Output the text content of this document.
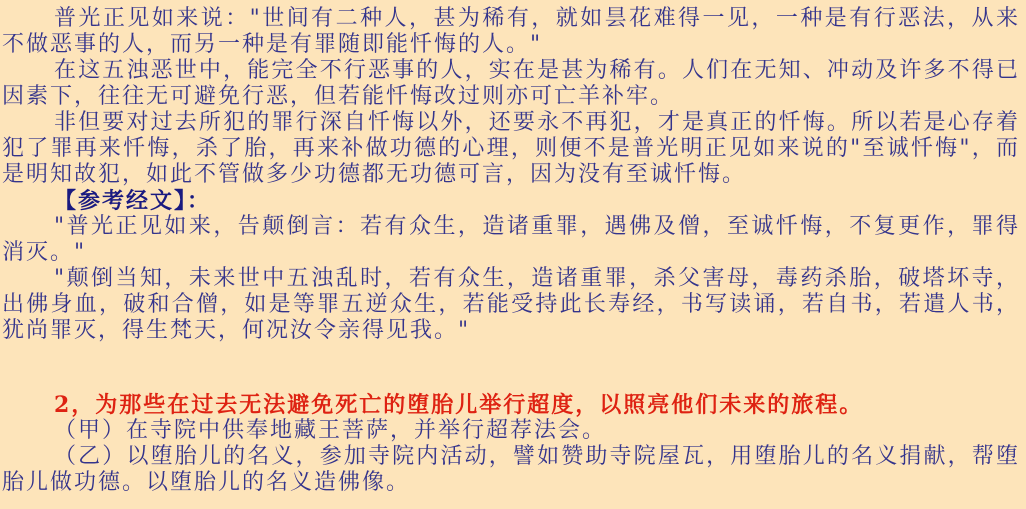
普光正见如来说："世间有二种人，甚为稀有，就如昙花难得一见，一种是有行恶法，从来不做恶事的人，而另一种是有罪随即能忏悔的人。"

在这五浊恶世中，能完全不行恶事的人，实在是甚为稀有。人们在无知、冲动及许多不得已因素下，往往无可避免行恶，但若能忏悔改过则亦可亡羊补牢。

非但要对过去所犯的罪行深自忏悔以外，还要永不再犯，才是真正的忏悔。所以若是心存着犯了罪再来忏悔，杀了胎，再来补做功德的心理，则便不是普光明正见如来说的"至诚忏悔"，而是明知故犯，如此不管做多少功德都无功德可言，因为没有至诚忏悔。

【参考经文】：

"普光正见如来，告颠倒言：若有众生，造诸重罪，遇佛及僧，至诚忏悔，不复更作，罪得消灭。"

"颠倒当知，未来世中五浊乱时，若有众生，造诸重罪，杀父害母，毒药杀胎，破塔坏寺，出佛身血，破和合僧，如是等罪五逆众生，若能受持此长寿经，书写读诵，若自书，若遣人书，犹尚罪灭，得生梵天，何况汝令亲得见我。"

2，为那些在过去无法避免死亡的堕胎儿举行超度，以照亮他们未来的旅程。

（甲）在寺院中供奉地藏王菩萨，并举行超荐法会。

（乙）以堕胎儿的名义，参加寺院内活动，譬如赞助寺院屋瓦，用堕胎儿的名义捐献，帮堕胎儿做功德。以堕胎儿的名义造佛像。
